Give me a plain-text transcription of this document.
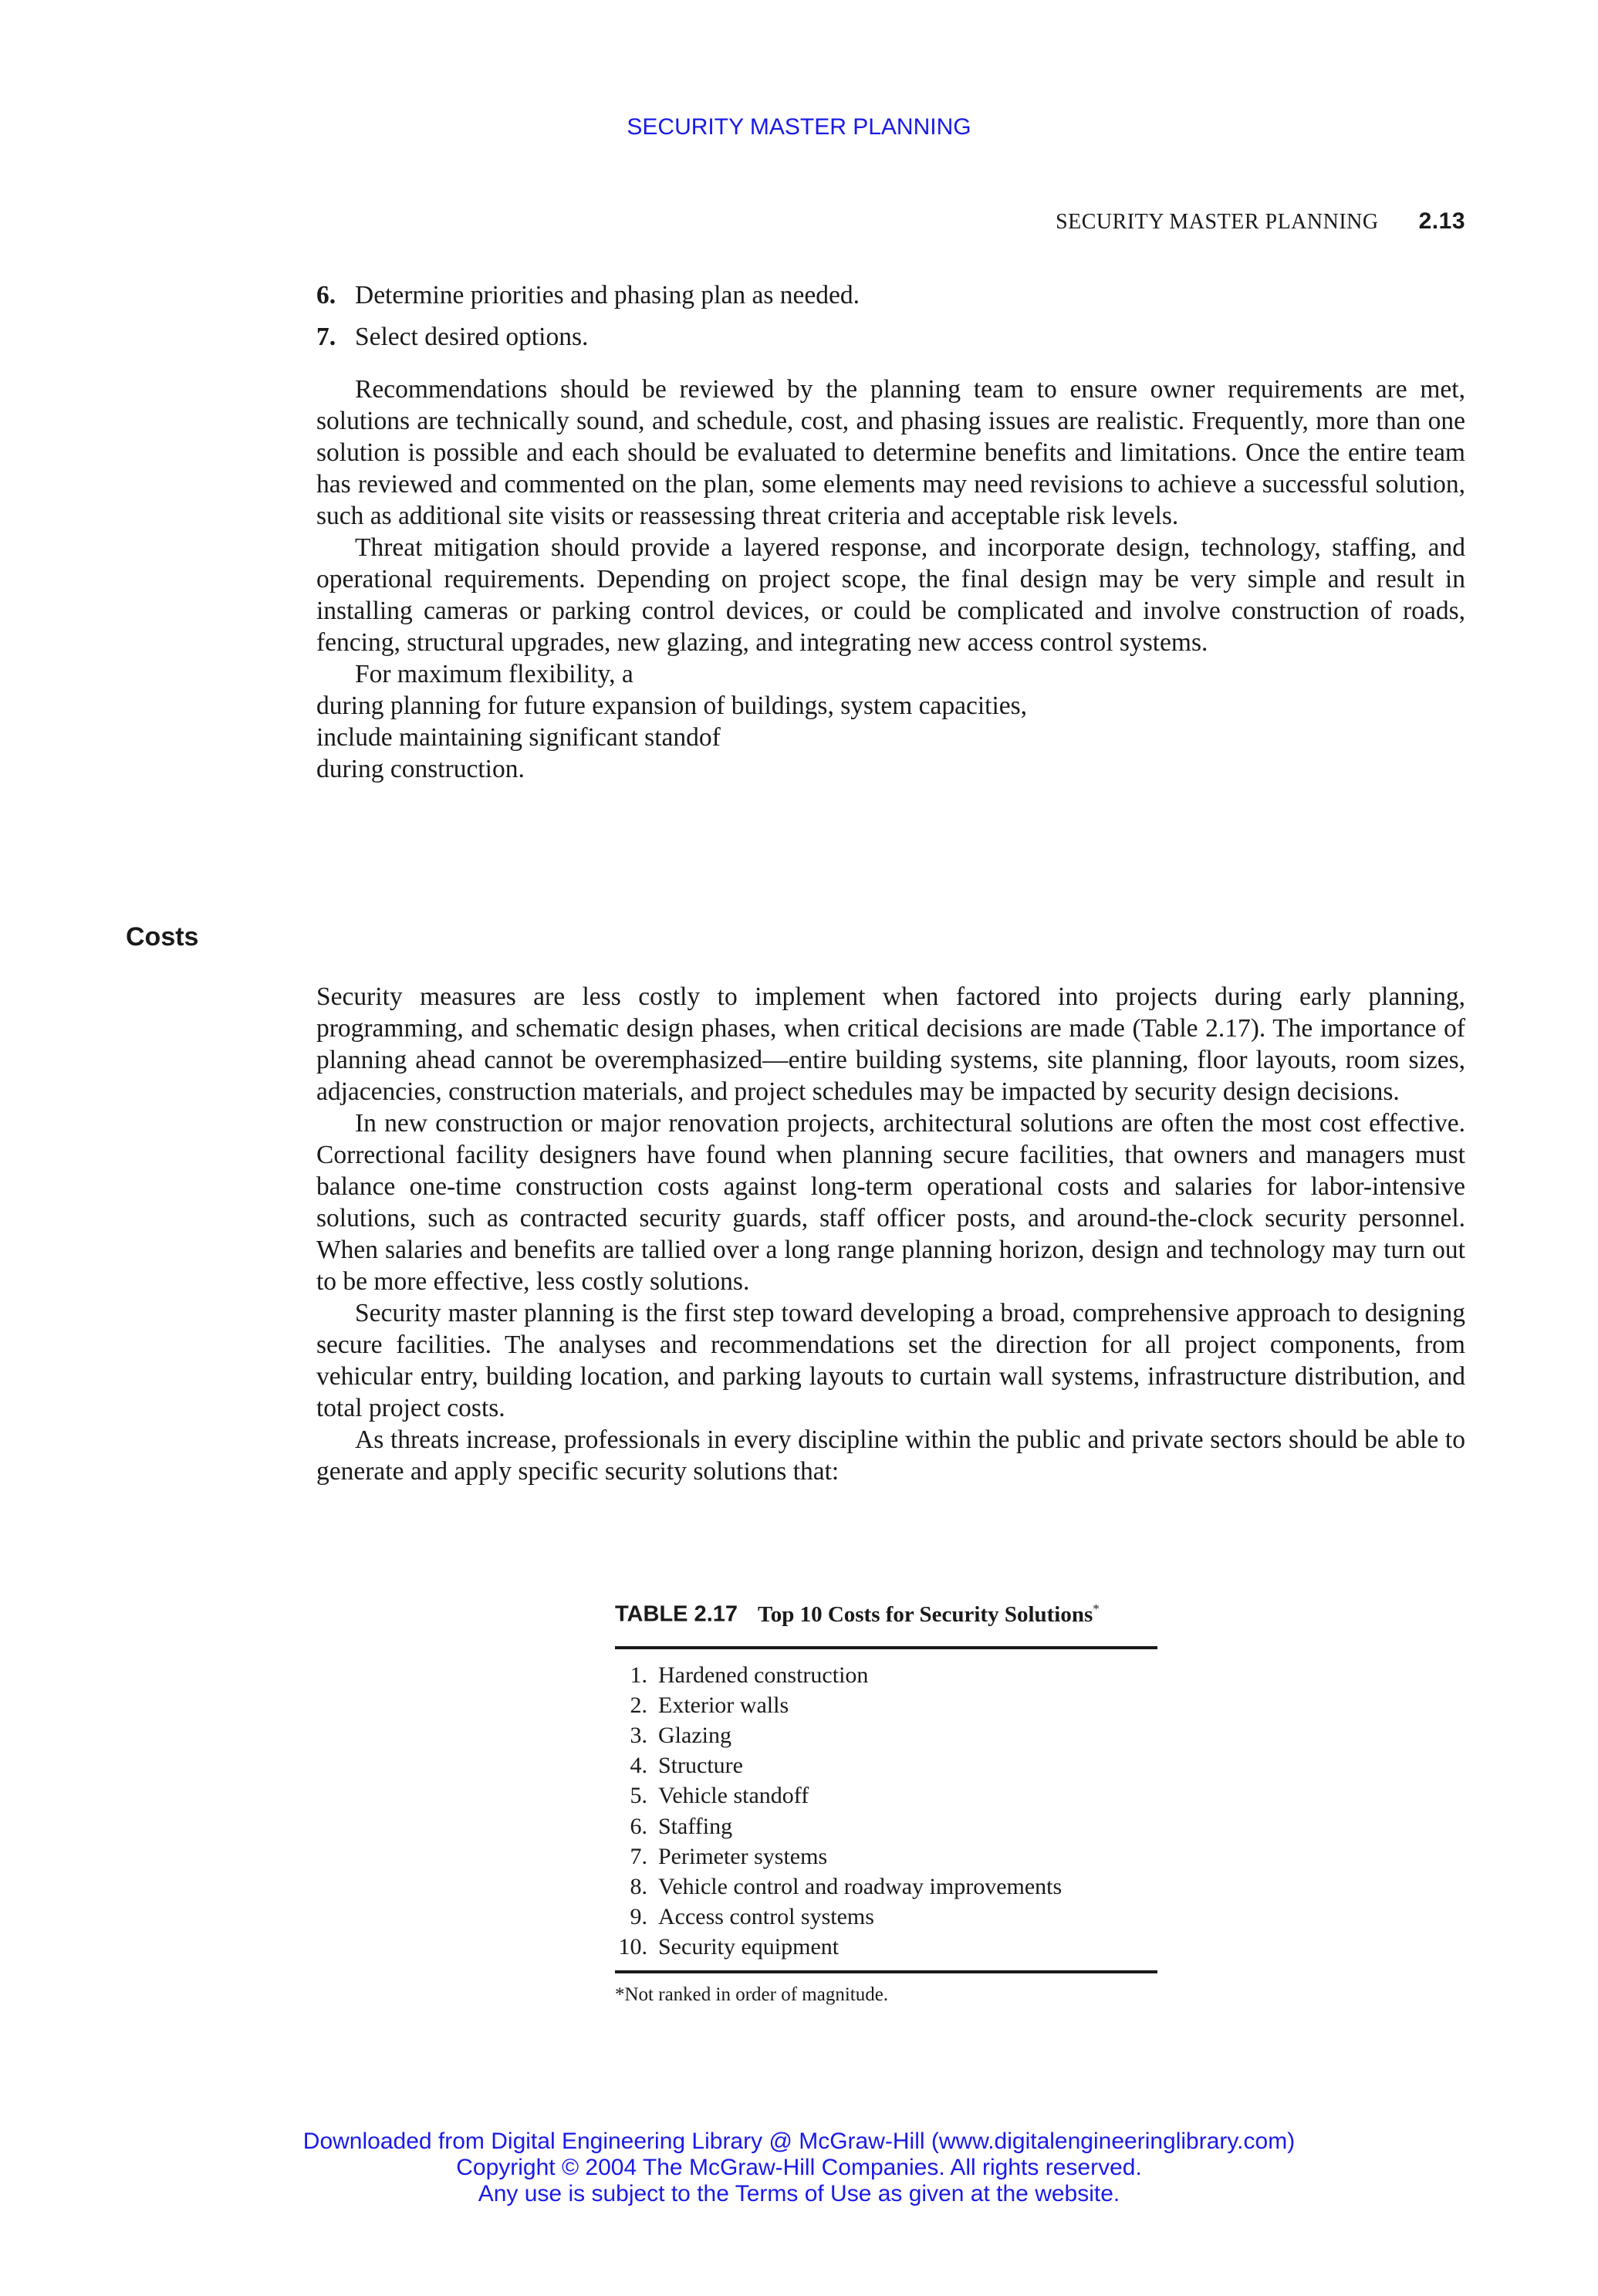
SECURITY MASTER PLANNING
SECURITY MASTER PLANNING 2.13
6. Determine priorities and phasing plan as needed.
7. Select desired options.

Recommendations should be reviewed by the planning team to ensure owner requirements are met, solutions are technically sound, and schedule, cost, and phasing issues are realistic. Frequently, more than one solution is possible and each should be evaluated to determine benefits and limitations. Once the entire team has reviewed and commented on the plan, some elements may need revisions to achieve a successful solution, such as additional site visits or reassessing threat criteria and acceptable risk levels.

Threat mitigation should provide a layered response, and incorporate design, technology, staffing, and operational requirements. Depending on project scope, the final design may be very simple and result in installing cameras or parking control devices, or could be complicated and involve construction of roads, fencing, structural upgrades, new glazing, and integrating new access control systems.

For maximum flexibility, a
during planning for future expansion of buildings, system capacities,
include maintaining significant standof
during construction.
Costs

Security measures are less costly to implement when factored into projects during early planning, programming, and schematic design phases, when critical decisions are made (Table 2.17). The importance of planning ahead cannot be overemphasized—entire building systems, site planning, floor layouts, room sizes, adjacencies, construction materials, and project schedules may be impacted by security design decisions.

In new construction or major renovation projects, architectural solutions are often the most cost effective. Correctional facility designers have found when planning secure facilities, that owners and managers must balance one-time construction costs against long-term operational costs and salaries for labor-intensive solutions, such as contracted security guards, staff officer posts, and around-the-clock security personnel. When salaries and benefits are tallied over a long range planning horizon, design and technology may turn out to be more effective, less costly solutions.

Security master planning is the first step toward developing a broad, comprehensive approach to designing secure facilities. The analyses and recommendations set the direction for all project components, from vehicular entry, building location, and parking layouts to curtain wall systems, infrastructure distribution, and total project costs.

As threats increase, professionals in every discipline within the public and private sectors should be able to generate and apply specific security solutions that:

TABLE 2.17 Top 10 Costs for Security Solutions*
1. Hardened construction
2. Exterior walls
3. Glazing
4. Structure
5. Vehicle standoff
6. Staffing
7. Perimeter systems
8. Vehicle control and roadway improvements
9. Access control systems
10. Security equipment
*Not ranked in order of magnitude.
Downloaded from Digital Engineering Library @ McGraw-Hill (www.digitalengineeringlibrary.com)
Copyright © 2004 The McGraw-Hill Companies. All rights reserved.
Any use is subject to the Terms of Use as given at the website.
